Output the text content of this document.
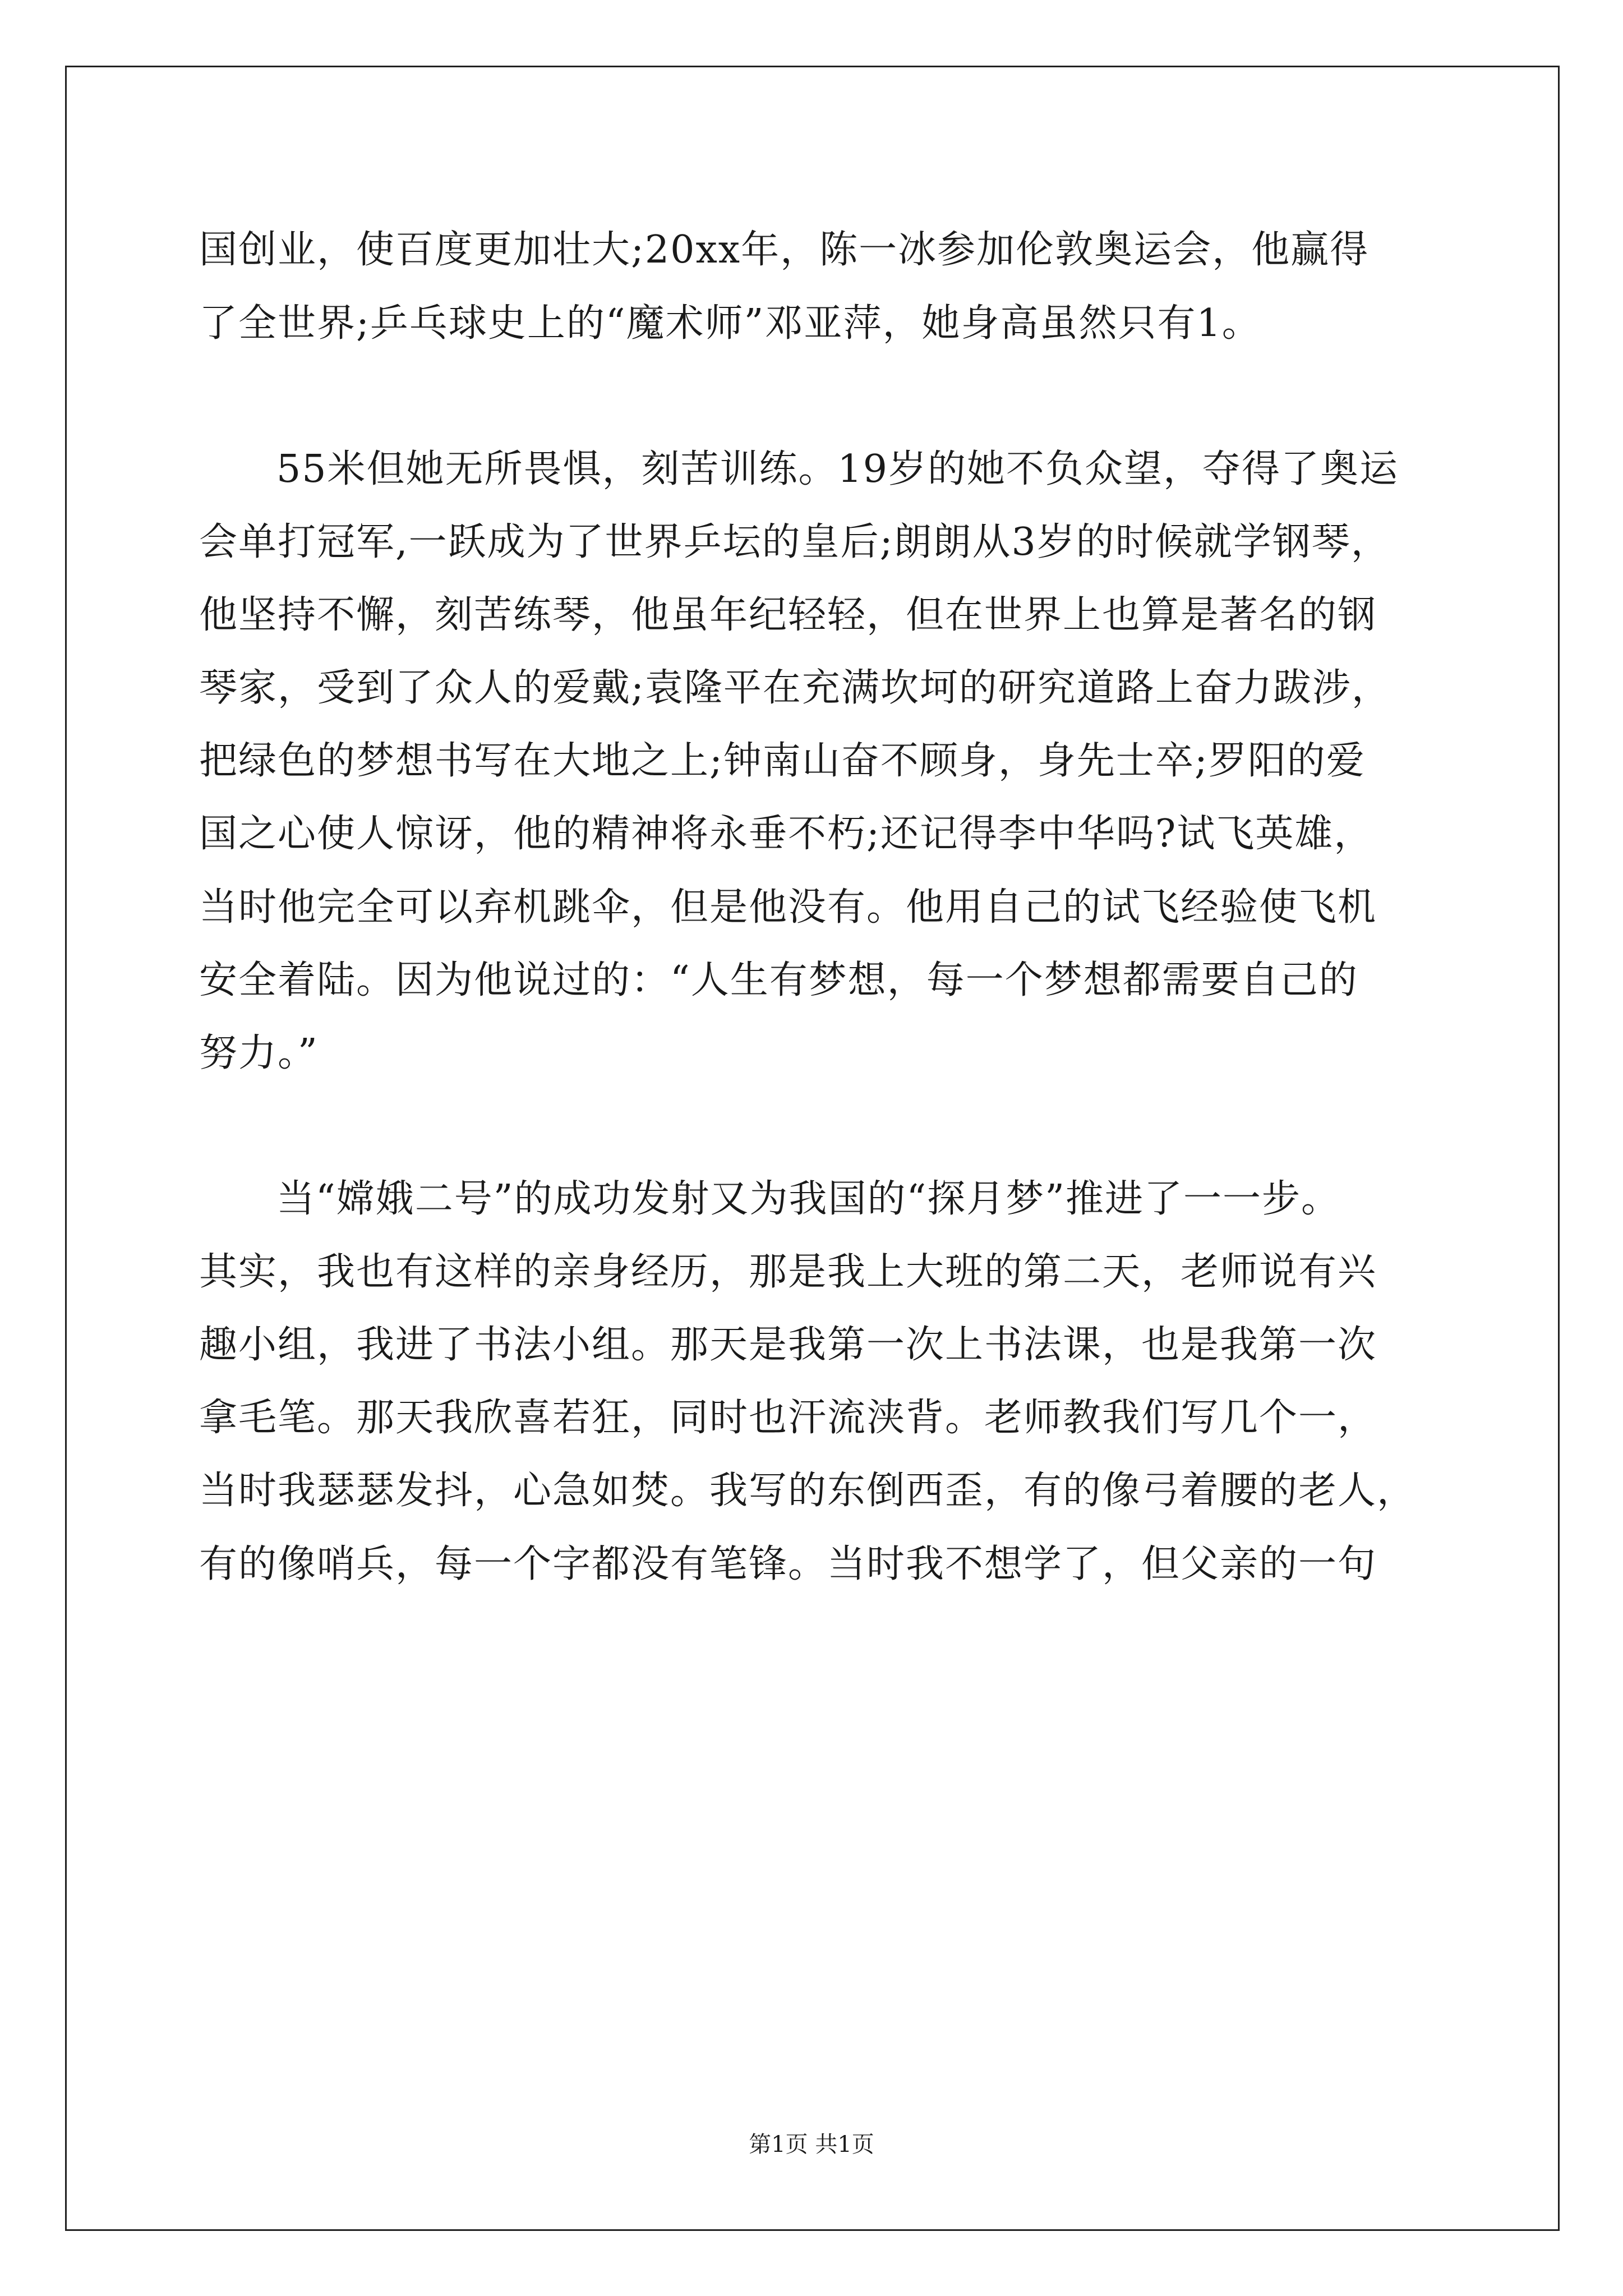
国创业，使百度更加壮大;20xx年，陈一冰参加伦敦奥运会，他赢得

了全世界;乒乓球史上的“魔术师”邓亚萍，她身高虽然只有1。

55米但她无所畏惧，刻苦训练。19岁的她不负众望，夺得了奥运

会单打冠军,一跃成为了世界乒坛的皇后;朗朗从3岁的时候就学钢琴，

他坚持不懈，刻苦练琴，他虽年纪轻轻，但在世界上也算是著名的钢

琴家，受到了众人的爱戴;袁隆平在充满坎坷的研究道路上奋力跋涉，

把绿色的梦想书写在大地之上;钟南山奋不顾身，身先士卒;罗阳的爱

国之心使人惊讶，他的精神将永垂不朽;还记得李中华吗?试飞英雄，

当时他完全可以弃机跳伞，但是他没有。他用自己的试飞经验使飞机

安全着陆。因为他说过的：“人生有梦想，每一个梦想都需要自己的

努力。”

当“嫦娥二号”的成功发射又为我国的“探月梦”推进了一一步。

其实，我也有这样的亲身经历，那是我上大班的第二天，老师说有兴

趣小组，我进了书法小组。那天是我第一次上书法课，也是我第一次

拿毛笔。那天我欣喜若狂，同时也汗流浃背。老师教我们写几个一，

当时我瑟瑟发抖，心急如焚。我写的东倒西歪，有的像弓着腰的老人，

有的像哨兵，每一个字都没有笔锋。当时我不想学了，但父亲的一句

第1页 共1页
